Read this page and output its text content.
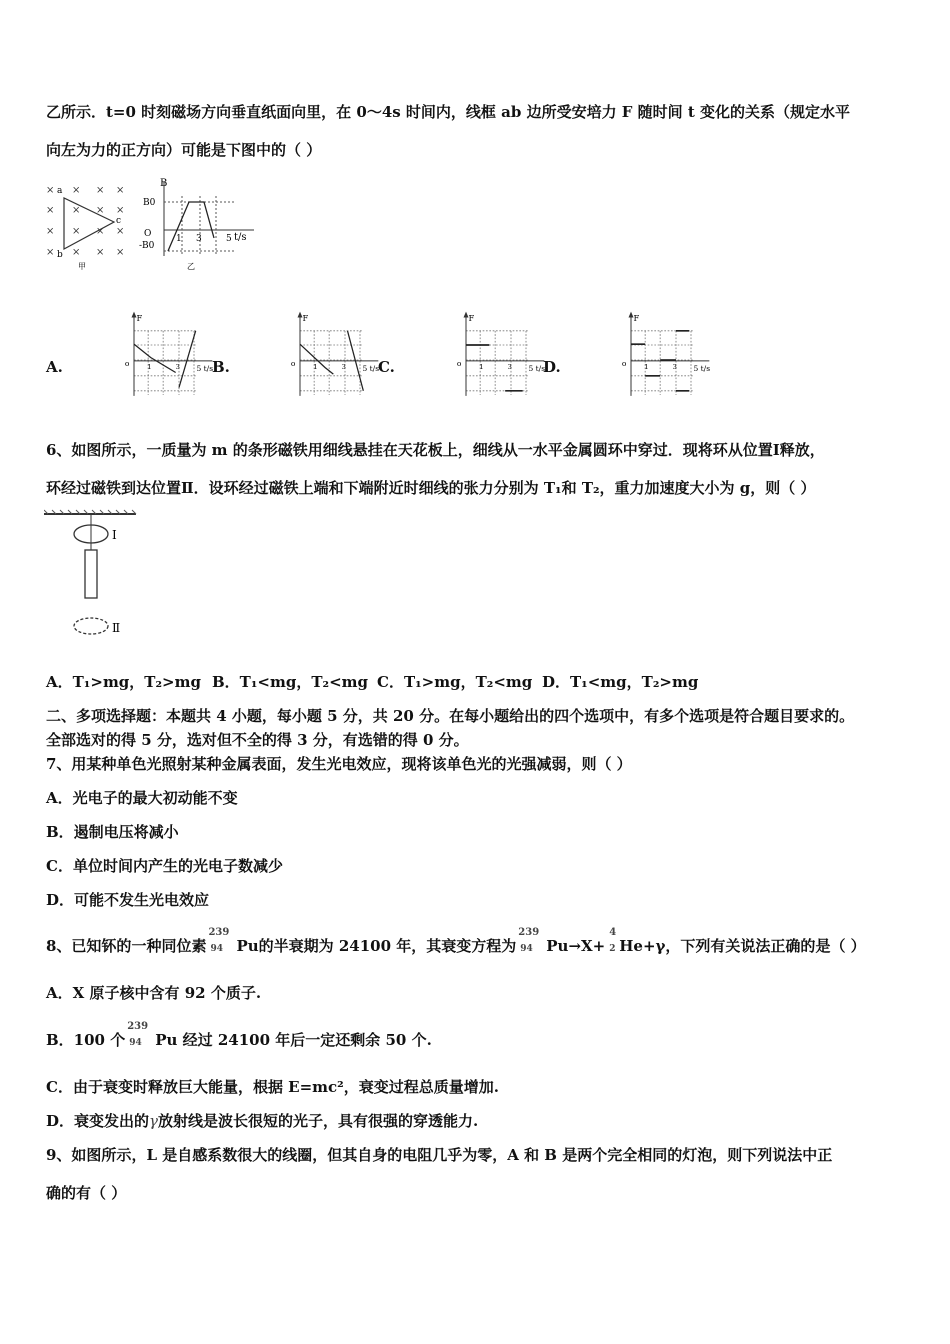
乙所示．t=0 时刻磁场方向垂直纸面向里，在 0～4s 时间内，线框 ab 边所受安培力 F 随时间 t 变化的关系（规定水平
向左为力的正方向）可能是下图中的（ ）
× × × ×
× × × ×
× × × ×
× × × ×
a
b
c
甲
B
B0
O
-B0
1 3	5 t/s
乙
A.
F
o 1	3 5 t/s
B.
F
o 1	3 5 t/s
C.
F
o 1	3 5 t/s
D.
F
o 1	3 5 t/s
6、如图所示，一质量为 m 的条形磁铁用细线悬挂在天花板上，细线从一水平金属圆环中穿过．现将环从位置Ⅰ释放，
环经过磁铁到达位置Ⅱ．设环经过磁铁上端和下端附近时细线的张力分别为 T₁和 T₂，重力加速度大小为 g，则（ ）
Ⅰ
Ⅱ
A．T₁>mg，T₂>mg B．T₁<mg，T₂<mg C．T₁>mg，T₂<mg D．T₁<mg，T₂>mg
二、多项选择题：本题共 4 小题，每小题 5 分，共 20 分。在每小题给出的四个选项中，有多个选项是符合题目要求的。
全部选对的得 5 分，选对但不全的得 3 分，有选错的得 0 分。
7、用某种单色光照射某种金属表面，发生光电效应，现将该单色光的光强减弱，则（ ）
A．光电子的最大初动能不变
B．遏制电压将减小
C．单位时间内产生的光电子数减少
D．可能不发生光电效应
8、已知钚的一种同位素
239
94 Pu的半衰期为 24100 年，其衰变方程为
239
94 Pu→X+
4
2 He+γ，下列有关说法正确的是（ ）
A．X 原子核中含有 92 个质子.
B．100 个
239
94 Pu 经过 24100 年后一定还剩余 50 个.
C．由于衰变时释放巨大能量，根据 E=mc²，衰变过程总质量增加.
D．衰变发出的γ放射线是波长很短的光子，具有很强的穿透能力.
9、如图所示，L 是自感系数很大的线圈，但其自身的电阻几乎为零，A 和 B 是两个完全相同的灯泡，则下列说法中正
确的有（ ）
